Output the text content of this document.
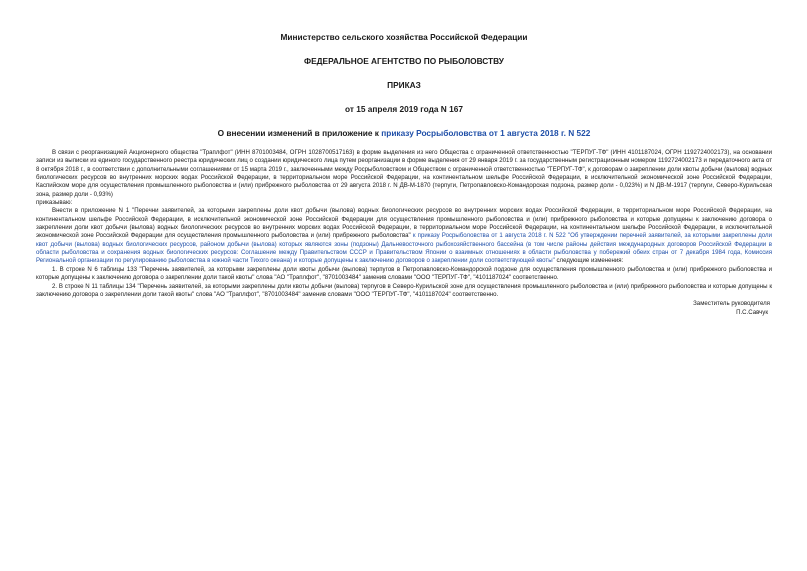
Министерство сельского хозяйства Российской Федерации
ФЕДЕРАЛЬНОЕ АГЕНТСТВО ПО РЫБОЛОВСТВУ
ПРИКАЗ
от 15 апреля 2019 года N 167
О внесении изменений в приложение к приказу Росрыболовства от 1 августа 2018 г. N 522

В связи с реорганизацией Акционерного общества "Траплфот" (ИНН 8701003484, ОГРН 1028700517163) в форме выделения из него Общества с ограниченной ответственностью "ТЕРПУГ-ТФ" (ИНН 4101187024, ОГРН 1192724002173), на основании записи из выписки из единого государственного реестра юридических лиц о создании юридического лица путем реорганизации в форме выделения от 29 января 2019 г. за государственным регистрационным номером 1192724002173 и передаточного акта от 8 октября 2018 г., в соответствии с дополнительными соглашениями от 15 марта 2019 г., заключенными между Росрыболовством и Обществом с ограниченной ответственностью "ТЕРПУГ-ТФ", к договорам о закреплении доли квоты добычи (вылова) водных биологических ресурсов во внутренних морских водах Российской Федерации, в территориальном море Российской Федерации, на континентальном шельфе Российской Федерации, в исключительной экономической зоне Российской Федерации, Каспийском море для осуществления промышленного рыболовства и (или) прибрежного рыболовства от 29 августа 2018 г. N ДВ-М-1870 (терпуги, Петропавловско-Командорская подзона, размер доли - 0,023%) и N ДВ-М-1917 (терпуги, Северо-Курильская зона, размер доли - 0,93%)

приказываю:

Внести в приложение N 1 "Перечни заявителей, за которыми закреплены доли квот добычи (вылова) водных биологических ресурсов во внутренних морских водах Российской Федерации, в территориальном море Российской Федерации, на континентальном шельфе Российской Федерации, в исключительной экономической зоне Российской Федерации для осуществления промышленного рыболовства и (или) прибрежного рыболовства и которые допущены к заключению договора о закреплении доли квот добычи (вылова) водных биологических ресурсов во внутренних морских водах Российской Федерации, в территориальном море Российской Федерации, на континентальном шельфе Российской Федерации, в исключительной экономической зоне Российской Федерации для осуществления промышленного рыболовства и (или) прибрежного рыболовства" к приказу Росрыболовства от 1 августа 2018 г. N 522 "Об утверждении перечней заявителей, за которыми закреплены доли квот добычи (вылова) водных биологических ресурсов, районом добычи (вылова) которых являются зоны (подзоны) Дальневосточного рыбохозяйственного бассейна (в том числе районы действия международных договоров Российской Федерации в области рыболовства и сохранения водных биологических ресурсов: Соглашение между Правительством СССР и Правительством Японии о взаимных отношениях в области рыболовства у побережий обеих стран от 7 декабря 1984 года, Комиссия Региональной организации по регулированию рыболовства в южной части Тихого океана) и которые допущены к заключению договоров о закреплении доли соответствующей квоты" следующие изменения:

1. В строке N 6 таблицы 133 "Перечень заявителей, за которыми закреплены доли квоты добычи (вылова) терпугов в Петропавловско-Командорской подзоне для осуществления промышленного рыболовства и (или) прибрежного рыболовства и которые допущены к заключению договора о закреплении доли такой квоты" слова "АО "Траплфот", "8701003484" заменив словами "ООО "ТЕРПУГ-ТФ", "4101187024" соответственно.

2. В строке N 11 таблицы 134 "Перечень заявителей, за которыми закреплены доли квоты добычи (вылова) терпугов в Северо-Курильской зоне для осуществления промышленного рыболовства и (или) прибрежного рыболовства и которые допущены к заключению договора о закреплении доли такой квоты" слова "АО "Траплфот", "8701003484" заменив словами "ООО "ТЕРПУГ-ТФ", "4101187024" соответственно.

Заместитель руководителя
П.С.Савчук
